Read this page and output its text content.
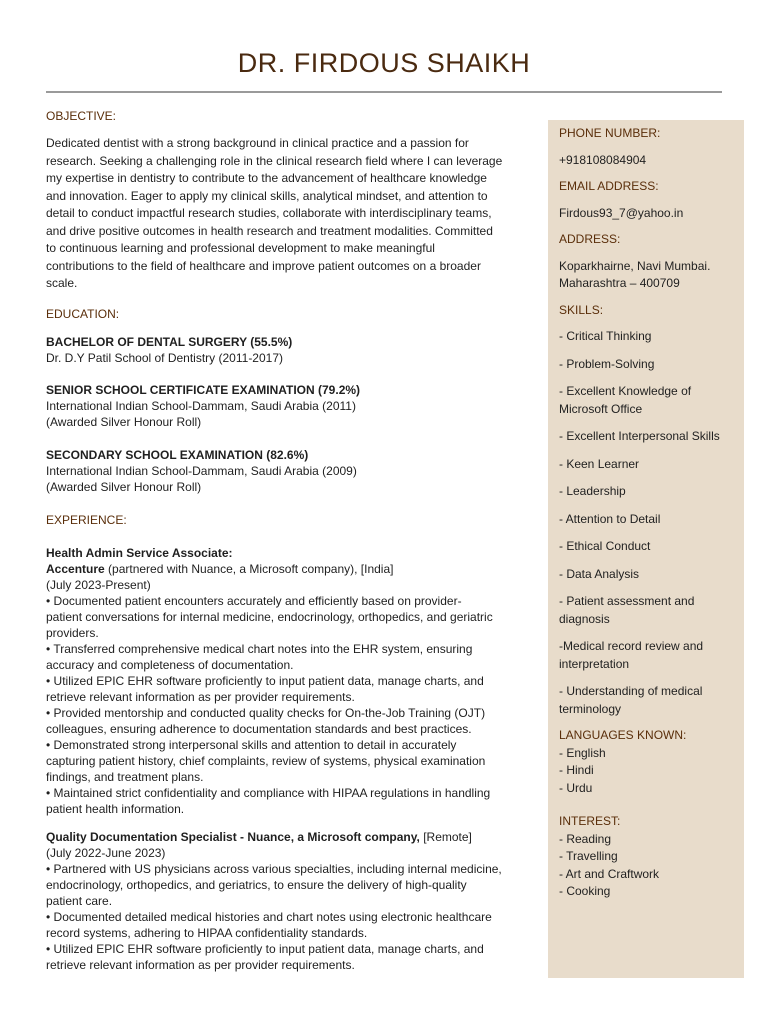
DR. FIRDOUS SHAIKH
OBJECTIVE:

Dedicated dentist with a strong background in clinical practice and a passion for

research. Seeking a challenging role in the clinical research field where I can leverage

my expertise in dentistry to contribute to the advancement of healthcare knowledge

and innovation. Eager to apply my clinical skills, analytical mindset, and attention to

detail to conduct impactful research studies, collaborate with interdisciplinary teams,

and drive positive outcomes in health research and treatment modalities. Committed

to continuous learning and professional development to make meaningful

contributions to the field of healthcare and improve patient outcomes on a broader

scale.

EDUCATION:

BACHELOR OF DENTAL SURGERY (55.5%)

Dr. D.Y Patil School of Dentistry (2011-2017)

SENIOR SCHOOL CERTIFICATE EXAMINATION (79.2%)

International Indian School-Dammam, Saudi Arabia (2011)

(Awarded Silver Honour Roll)

SECONDARY SCHOOL EXAMINATION (82.6%)

International Indian School-Dammam, Saudi Arabia (2009)

(Awarded Silver Honour Roll)

EXPERIENCE:

Health Admin Service Associate:

Accenture (partnered with Nuance, a Microsoft company), [India]

(July 2023-Present)

• Documented patient encounters accurately and efficiently based on provider-

patient conversations for internal medicine, endocrinology, orthopedics, and geriatric

providers.

• Transferred comprehensive medical chart notes into the EHR system, ensuring

accuracy and completeness of documentation.

• Utilized EPIC EHR software proficiently to input patient data, manage charts, and

retrieve relevant information as per provider requirements.

• Provided mentorship and conducted quality checks for On-the-Job Training (OJT)

colleagues, ensuring adherence to documentation standards and best practices.

• Demonstrated strong interpersonal skills and attention to detail in accurately

capturing patient history, chief complaints, review of systems, physical examination

findings, and treatment plans.

• Maintained strict confidentiality and compliance with HIPAA regulations in handling

patient health information.

Quality Documentation Specialist - Nuance, a Microsoft company, [Remote]

(July 2022-June 2023)

• Partnered with US physicians across various specialties, including internal medicine,

endocrinology, orthopedics, and geriatrics, to ensure the delivery of high-quality

patient care.

• Documented detailed medical histories and chart notes using electronic healthcare

record systems, adhering to HIPAA confidentiality standards.

• Utilized EPIC EHR software proficiently to input patient data, manage charts, and

retrieve relevant information as per provider requirements.

PHONE NUMBER:
+918108084904
EMAIL ADDRESS:
Firdous93_7@yahoo.in
ADDRESS:
Koparkhairne, Navi Mumbai.
Maharashtra – 400709
SKILLS:
- Critical Thinking
- Problem-Solving
- Excellent Knowledge of
Microsoft Office
- Excellent Interpersonal Skills
- Keen Learner
- Leadership
- Attention to Detail
- Ethical Conduct
- Data Analysis
- Patient assessment and
diagnosis
-Medical record review and
interpretation
- Understanding of medical
terminology
LANGUAGES KNOWN:
- English
- Hindi
- Urdu
INTEREST:
- Reading
- Travelling
- Art and Craftwork
- Cooking
